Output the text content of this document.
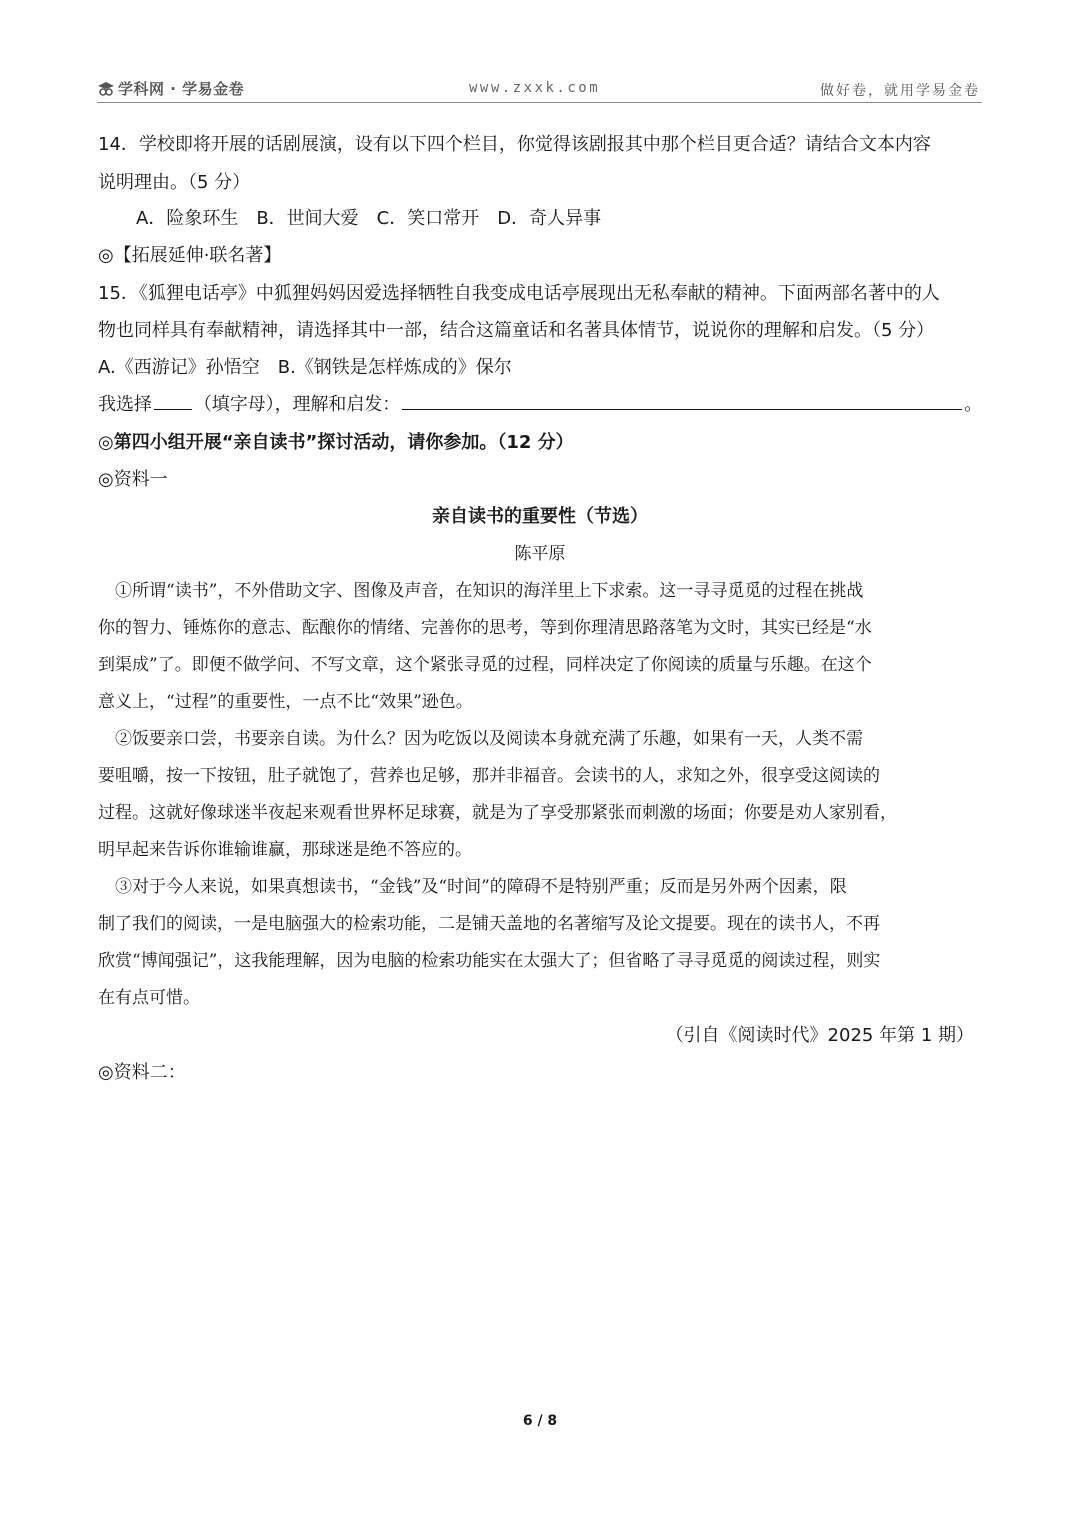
学科网 · 学易金卷	www.zxxk.com	做好卷，就用学易金卷
14．学校即将开展的话剧展演，设有以下四个栏目，你觉得该剧报其中那个栏目更合适？请结合文本内容
说明理由。（5 分）
A．险象环生　B．世间大爱　C．笑口常开　D．奇人异事
◎【拓展延伸·联名著】
15．《狐狸电话亭》中狐狸妈妈因爱选择牺牲自我变成电话亭展现出无私奉献的精神。下面两部名著中的人
物也同样具有奉献精神，请选择其中一部，结合这篇童话和名著具体情节，说说你的理解和启发。（5 分）
A.《西游记》孙悟空　B.《钢铁是怎样炼成的》保尔
我选择 （填字母），理解和启发：	。
◎第四小组开展“亲自读书”探讨活动，请你参加。（12 分）
◎资料一
亲自读书的重要性（节选）
陈平原
　①所谓“读书”，不外借助文字、图像及声音，在知识的海洋里上下求索。这一寻寻觅觅的过程在挑战
你的智力、锤炼你的意志、酝酿你的情绪、完善你的思考，等到你理清思路落笔为文时，其实已经是“水
到渠成”了。即便不做学问、不写文章，这个紧张寻觅的过程，同样决定了你阅读的质量与乐趣。在这个
意义上，“过程”的重要性，一点不比“效果”逊色。
　②饭要亲口尝，书要亲自读。为什么？因为吃饭以及阅读本身就充满了乐趣，如果有一天，人类不需
要咀嚼，按一下按钮，肚子就饱了，营养也足够，那并非福音。会读书的人，求知之外，很享受这阅读的
过程。这就好像球迷半夜起来观看世界杯足球赛，就是为了享受那紧张而刺激的场面；你要是劝人家别看，
明早起来告诉你谁输谁赢，那球迷是绝不答应的。
　③对于今人来说，如果真想读书，“金钱”及“时间”的障碍不是特别严重；反而是另外两个因素，限
制了我们的阅读，一是电脑强大的检索功能，二是铺天盖地的名著缩写及论文提要。现在的读书人，不再
欣赏“博闻强记”，这我能理解，因为电脑的检索功能实在太强大了；但省略了寻寻觅觅的阅读过程，则实
在有点可惜。
（引自《阅读时代》2025 年第 1 期）
◎资料二：
6 / 8
